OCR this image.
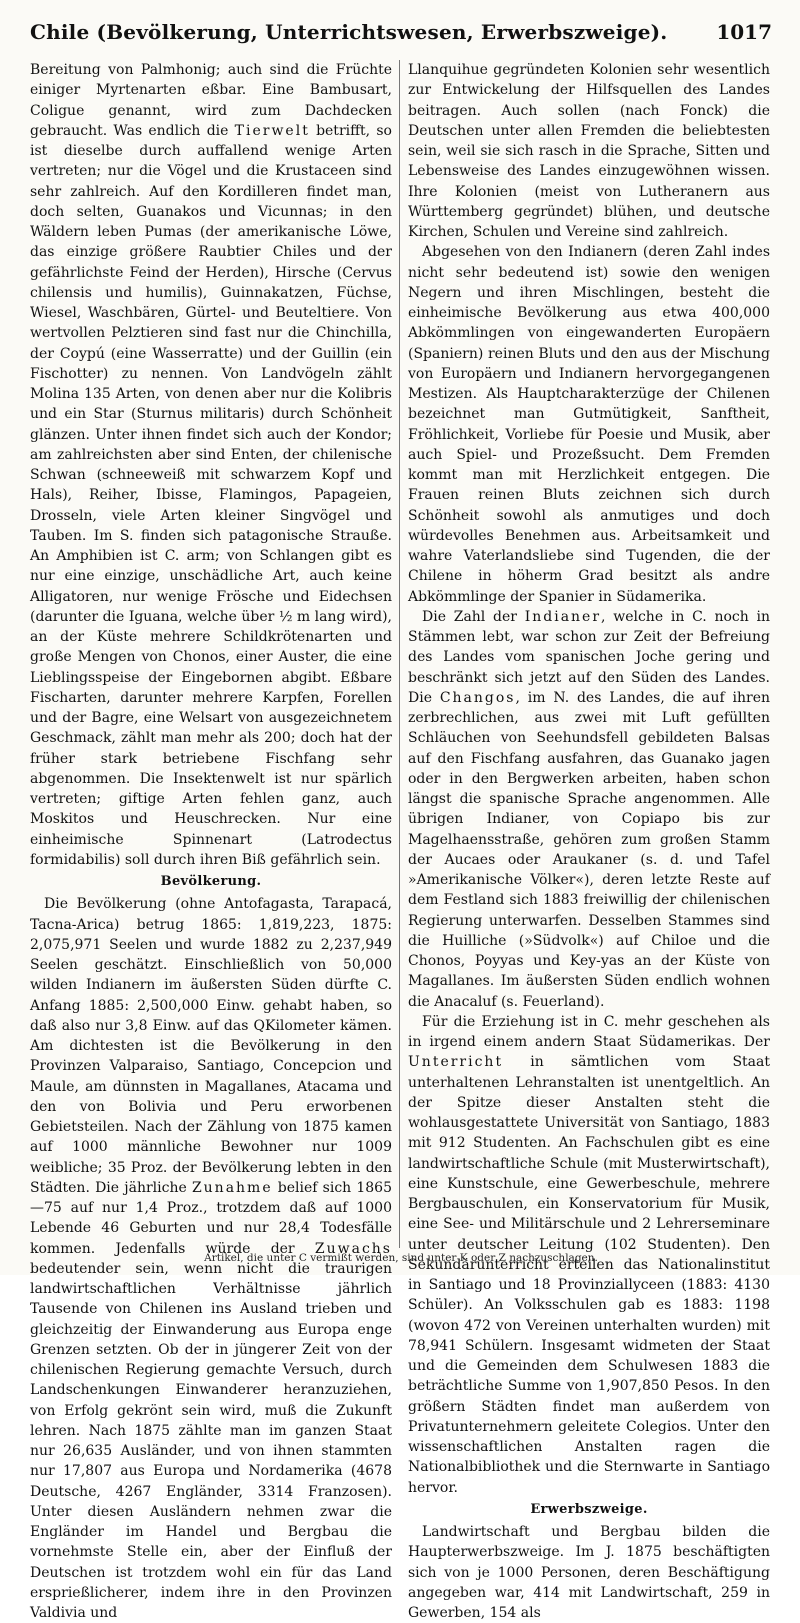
Chile (Bevölkerung, Unterrichtswesen, Erwerbszweige). 1017

Bereitung von Palmhonig; auch sind die Früchte einiger Myrtenarten eßbar. Eine Bambusart, Coligue genannt, wird zum Dachdecken gebraucht. Was endlich die Tierwelt betrifft, so ist dieselbe durch auffallend wenige Arten vertreten; nur die Vögel und die Krustaceen sind sehr zahlreich. Auf den Kordilleren findet man, doch selten, Guanakos und Vicunnas; in den Wäldern leben Pumas (der amerikanische Löwe, das einzige größere Raubtier Chiles und der gefährlichste Feind der Herden), Hirsche (Cervus chilensis und humilis), Guinnakatzen, Füchse, Wiesel, Waschbären, Gürtel- und Beuteltiere. Von wertvollen Pelztieren sind fast nur die Chinchilla, der Coypú (eine Wasserratte) und der Guillin (ein Fischotter) zu nennen. Von Landvögeln zählt Molina 135 Arten, von denen aber nur die Kolibris und ein Star (Sturnus militaris) durch Schönheit glänzen. Unter ihnen findet sich auch der Kondor; am zahlreichsten aber sind Enten, der chilenische Schwan (schneeweiß mit schwarzem Kopf und Hals), Reiher, Ibisse, Flamingos, Papageien, Drosseln, viele Arten kleiner Singvögel und Tauben. Im S. finden sich patagonische Strauße. An Amphibien ist C. arm; von Schlangen gibt es nur eine einzige, unschädliche Art, auch keine Alligatoren, nur wenige Frösche und Eidechsen (darunter die Iguana, welche über ½ m lang wird), an der Küste mehrere Schildkrötenarten und große Mengen von Chonos, einer Auster, die eine Lieblingsspeise der Eingebornen abgibt. Eßbare Fischarten, darunter mehrere Karpfen, Forellen und der Bagre, eine Welsart von ausgezeichnetem Geschmack, zählt man mehr als 200; doch hat der früher stark betriebene Fischfang sehr abgenommen. Die Insektenwelt ist nur spärlich vertreten; giftige Arten fehlen ganz, auch Moskitos und Heuschrecken. Nur eine einheimische Spinnenart (Latrodectus formidabilis) soll durch ihren Biß gefährlich sein.

Bevölkerung.

Die Bevölkerung (ohne Antofagasta, Tarapacá, Tacna-Arica) betrug 1865: 1,819,223, 1875: 2,075,971 Seelen und wurde 1882 zu 2,237,949 Seelen geschätzt. Einschließlich von 50,000 wilden Indianern im äußersten Süden dürfte C. Anfang 1885: 2,500,000 Einw. gehabt haben, so daß also nur 3,8 Einw. auf das QKilometer kämen. Am dichtesten ist die Bevölkerung in den Provinzen Valparaiso, Santiago, Concepcion und Maule, am dünnsten in Magallanes, Atacama und den von Bolivia und Peru erworbenen Gebietsteilen. Nach der Zählung von 1875 kamen auf 1000 männliche Bewohner nur 1009 weibliche; 35 Proz. der Bevölkerung lebten in den Städten. Die jährliche Zunahme belief sich 1865—75 auf nur 1,4 Proz., trotzdem daß auf 1000 Lebende 46 Geburten und nur 28,4 Todesfälle kommen. Jedenfalls würde der Zuwachs bedeutender sein, wenn nicht die traurigen landwirtschaftlichen Verhältnisse jährlich Tausende von Chilenen ins Ausland trieben und gleichzeitig der Einwanderung aus Europa enge Grenzen setzten. Ob der in jüngerer Zeit von der chilenischen Regierung gemachte Versuch, durch Landschenkungen Einwanderer heranzuziehen, von Erfolg gekrönt sein wird, muß die Zukunft lehren. Nach 1875 zählte man im ganzen Staat nur 26,635 Ausländer, und von ihnen stammten nur 17,807 aus Europa und Nordamerika (4678 Deutsche, 4267 Engländer, 3314 Franzosen). Unter diesen Ausländern nehmen zwar die Engländer im Handel und Bergbau die vornehmste Stelle ein, aber der Einfluß der Deutschen ist trotzdem wohl ein für das Land ersprießlicherer, indem ihre in den Provinzen Valdivia und

Llanquihue gegründeten Kolonien sehr wesentlich zur Entwickelung der Hilfsquellen des Landes beitragen. Auch sollen (nach Fonck) die Deutschen unter allen Fremden die beliebtesten sein, weil sie sich rasch in die Sprache, Sitten und Lebensweise des Landes einzugewöhnen wissen. Ihre Kolonien (meist von Lutheranern aus Württemberg gegründet) blühen, und deutsche Kirchen, Schulen und Vereine sind zahlreich.

Abgesehen von den Indianern (deren Zahl indes nicht sehr bedeutend ist) sowie den wenigen Negern und ihren Mischlingen, besteht die einheimische Bevölkerung aus etwa 400,000 Abkömmlingen von eingewanderten Europäern (Spaniern) reinen Bluts und den aus der Mischung von Europäern und Indianern hervorgegangenen Mestizen. Als Hauptcharakterzüge der Chilenen bezeichnet man Gutmütigkeit, Sanftheit, Fröhlichkeit, Vorliebe für Poesie und Musik, aber auch Spiel- und Prozeßsucht. Dem Fremden kommt man mit Herzlichkeit entgegen. Die Frauen reinen Bluts zeichnen sich durch Schönheit sowohl als anmutiges und doch würdevolles Benehmen aus. Arbeitsamkeit und wahre Vaterlandsliebe sind Tugenden, die der Chilene in höherm Grad besitzt als andre Abkömmlinge der Spanier in Südamerika.

Die Zahl der Indianer, welche in C. noch in Stämmen lebt, war schon zur Zeit der Befreiung des Landes vom spanischen Joche gering und beschränkt sich jetzt auf den Süden des Landes. Die Changos, im N. des Landes, die auf ihren zerbrechlichen, aus zwei mit Luft gefüllten Schläuchen von Seehundsfell gebildeten Balsas auf den Fischfang ausfahren, das Guanako jagen oder in den Bergwerken arbeiten, haben schon längst die spanische Sprache angenommen. Alle übrigen Indianer, von Copiapo bis zur Magelhaensstraße, gehören zum großen Stamm der Aucaes oder Araukaner (s. d. und Tafel »Amerikanische Völker«), deren letzte Reste auf dem Festland sich 1883 freiwillig der chilenischen Regierung unterwarfen. Desselben Stammes sind die Huilliche (»Südvolk«) auf Chiloe und die Chonos, Poyyas und Key-yas an der Küste von Magallanes. Im äußersten Süden endlich wohnen die Anacaluf (s. Feuerland).

Für die Erziehung ist in C. mehr geschehen als in irgend einem andern Staat Südamerikas. Der Unterricht in sämtlichen vom Staat unterhaltenen Lehranstalten ist unentgeltlich. An der Spitze dieser Anstalten steht die wohlausgestattete Universität von Santiago, 1883 mit 912 Studenten. An Fachschulen gibt es eine landwirtschaftliche Schule (mit Musterwirtschaft), eine Kunstschule, eine Gewerbeschule, mehrere Bergbauschulen, ein Konservatorium für Musik, eine See- und Militärschule und 2 Lehrerseminare unter deutscher Leitung (102 Studenten). Den Sekundärunterricht erteilen das Nationalinstitut in Santiago und 18 Provinziallyceen (1883: 4130 Schüler). An Volksschulen gab es 1883: 1198 (wovon 472 von Vereinen unterhalten wurden) mit 78,941 Schülern. Insgesamt widmeten der Staat und die Gemeinden dem Schulwesen 1883 die beträchtliche Summe von 1,907,850 Pesos. In den größern Städten findet man außerdem von Privatunternehmern geleitete Colegios. Unter den wissenschaftlichen Anstalten ragen die Nationalbibliothek und die Sternwarte in Santiago hervor.

Erwerbszweige.

Landwirtschaft und Bergbau bilden die Haupterwerbszweige. Im J. 1875 beschäftigten sich von je 1000 Personen, deren Beschäftigung angegeben war, 414 mit Landwirtschaft, 259 in Gewerben, 154 als

Artikel, die unter C vermißt werden, sind unter K oder Z nachzuschlagen.
